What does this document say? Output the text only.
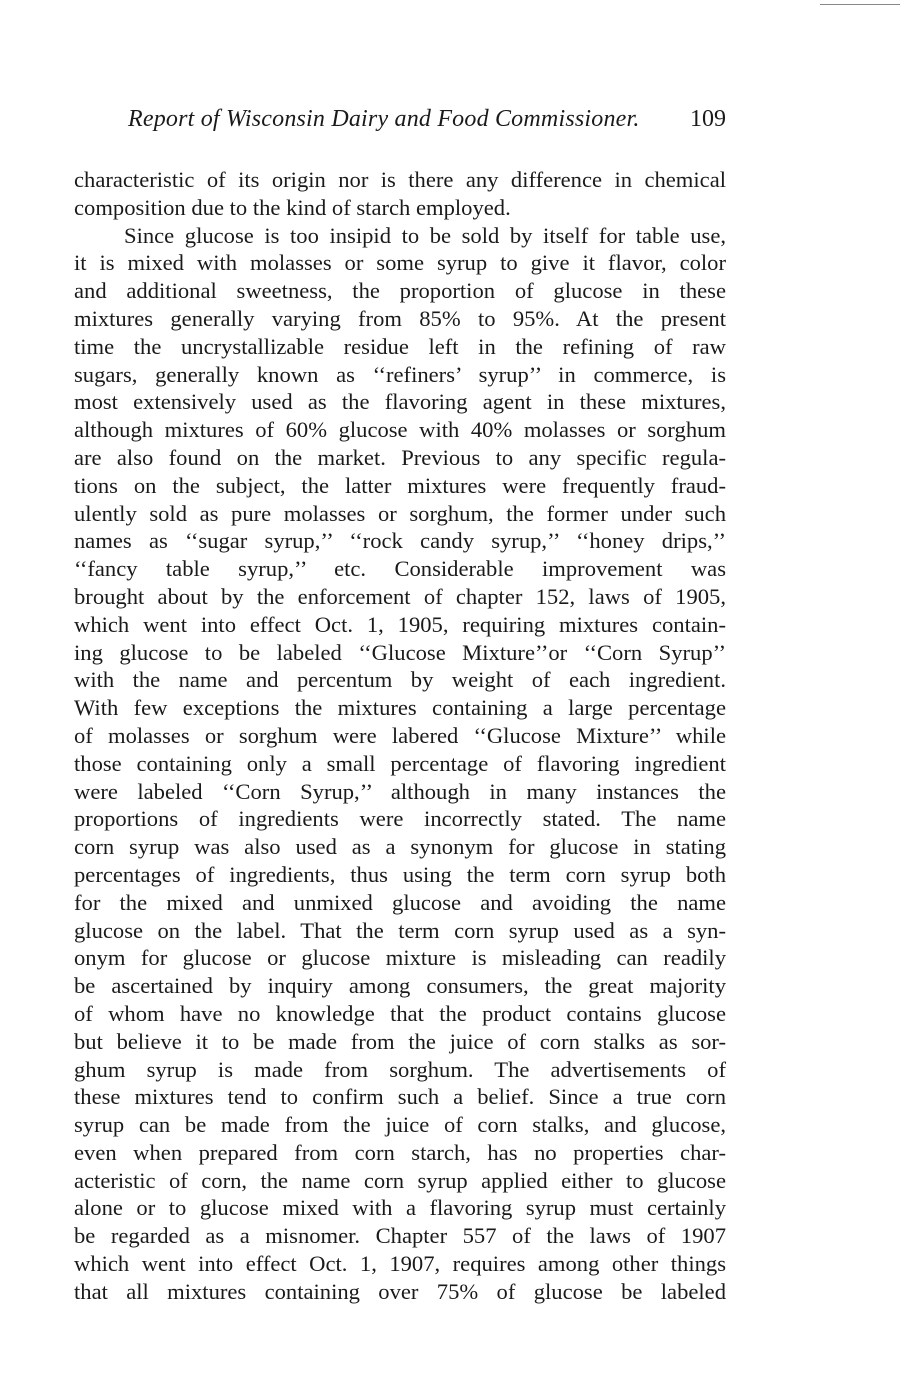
Report of Wisconsin Dairy and Food Commissioner. 109
characteristic of its origin nor is there any difference in chemical
composition due to the kind of starch employed.
Since glucose is too insipid to be sold by itself for table use,
it is mixed with molasses or some syrup to give it flavor, color
and additional sweetness, the proportion of glucose in these
mixtures generally varying from 85% to 95%. At the present
time the uncrystallizable residue left in the refining of raw
sugars, generally known as ‘‘refiners’ syrup’’ in commerce, is
most extensively used as the flavoring agent in these mixtures,
although mixtures of 60% glucose with 40% molasses or sorghum
are also found on the market. Previous to any specific regula-
tions on the subject, the latter mixtures were frequently fraud-
ulently sold as pure molasses or sorghum, the former under such
names as ‘‘sugar syrup,’’ ‘‘rock candy syrup,’’ ‘‘honey drips,’’
‘‘fancy table syrup,’’ etc. Considerable improvement was
brought about by the enforcement of chapter 152, laws of 1905,
which went into effect Oct. 1, 1905, requiring mixtures contain-
ing glucose to be labeled ‘‘Glucose Mixture’’or ‘‘Corn Syrup’’
with the name and percentum by weight of each ingredient.
With few exceptions the mixtures containing a large percentage
of molasses or sorghum were labered ‘‘Glucose Mixture’’ while
those containing only a small percentage of flavoring ingredient
were labeled ‘‘Corn Syrup,’’ although in many instances the
proportions of ingredients were incorrectly stated. The name
corn syrup was also used as a synonym for glucose in stating
percentages of ingredients, thus using the term corn syrup both
for the mixed and unmixed glucose and avoiding the name
glucose on the label. That the term corn syrup used as a syn-
onym for glucose or glucose mixture is misleading can readily
be ascertained by inquiry among consumers, the great majority
of whom have no knowledge that the product contains glucose
but believe it to be made from the juice of corn stalks as sor-
ghum syrup is made from sorghum. The advertisements of
these mixtures tend to confirm such a belief. Since a true corn
syrup can be made from the juice of corn stalks, and glucose,
even when prepared from corn starch, has no properties char-
acteristic of corn, the name corn syrup applied either to glucose
alone or to glucose mixed with a flavoring syrup must certainly
be regarded as a misnomer. Chapter 557 of the laws of 1907
which went into effect Oct. 1, 1907, requires among other things
that all mixtures containing over 75% of glucose be labeled
